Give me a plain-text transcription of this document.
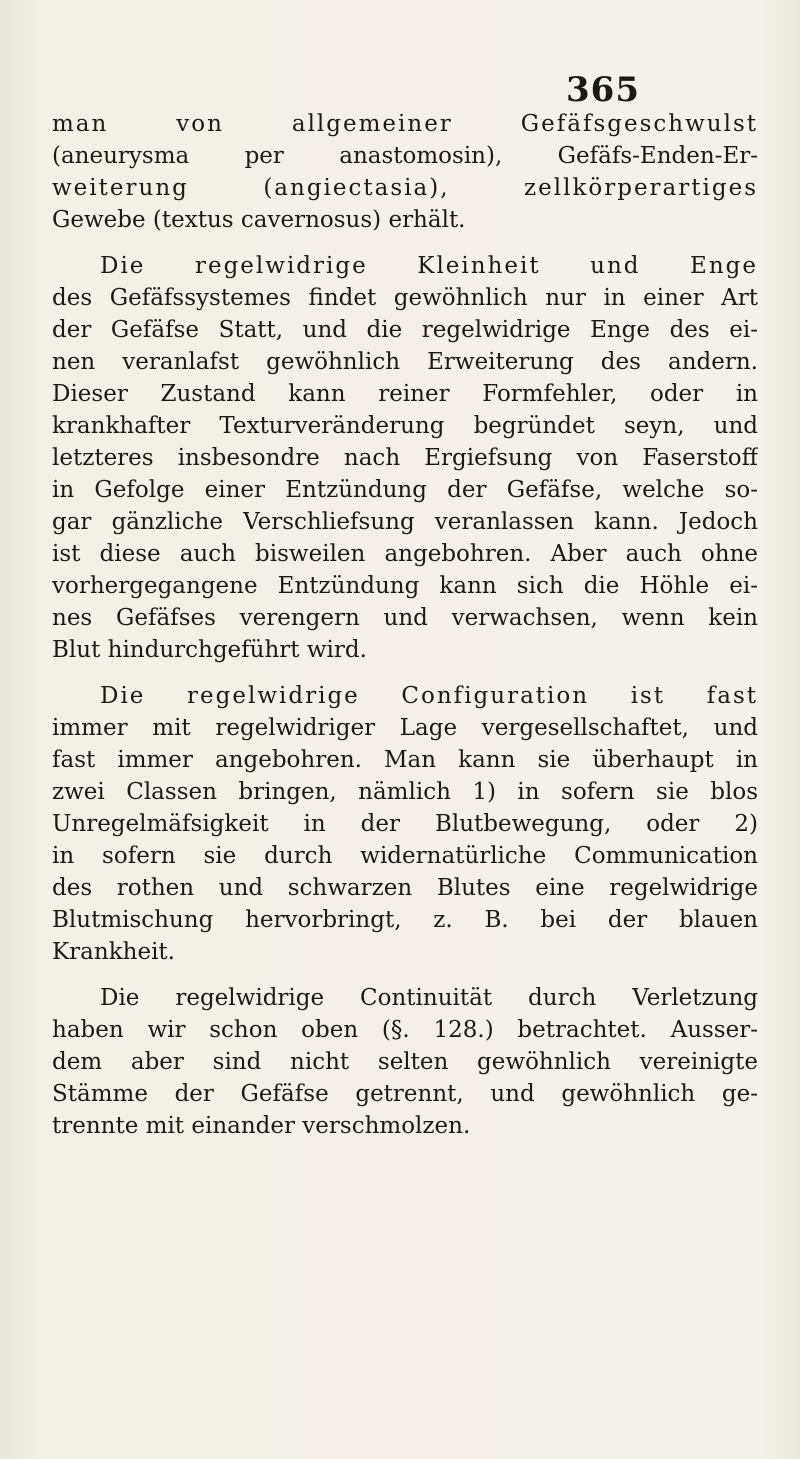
365
man von allgemeiner Gefäfsgeschwulst
(aneurysma per anastomosin), Gefäfs-Enden-Er-
weiterung (angiectasia), zellkörperartiges
Gewebe (textus cavernosus) erhält.
Die regelwidrige Kleinheit und Enge
des Gefäfssystemes findet gewöhnlich nur in einer Art
der Gefäfse Statt, und die regelwidrige Enge des ei-
nen veranlafst gewöhnlich Erweiterung des andern.
Dieser Zustand kann reiner Formfehler, oder in
krankhafter Texturveränderung begründet seyn, und
letzteres insbesondre nach Ergiefsung von Faserstoff
in Gefolge einer Entzündung der Gefäfse, welche so-
gar gänzliche Verschliefsung veranlassen kann. Jedoch
ist diese auch bisweilen angebohren. Aber auch ohne
vorhergegangene Entzündung kann sich die Höhle ei-
nes Gefäfses verengern und verwachsen, wenn kein
Blut hindurchgeführt wird.
Die regelwidrige Configuration ist fast
immer mit regelwidriger Lage vergesellschaftet, und
fast immer angebohren. Man kann sie überhaupt in
zwei Classen bringen, nämlich 1) in sofern sie blos
Unregelmäfsigkeit in der Blutbewegung, oder 2)
in sofern sie durch widernatürliche Communication
des rothen und schwarzen Blutes eine regelwidrige
Blutmischung hervorbringt, z. B. bei der blauen
Krankheit.
Die regelwidrige Continuität durch Verletzung
haben wir schon oben (§. 128.) betrachtet. Ausser-
dem aber sind nicht selten gewöhnlich vereinigte
Stämme der Gefäfse getrennt, und gewöhnlich ge-
trennte mit einander verschmolzen.
